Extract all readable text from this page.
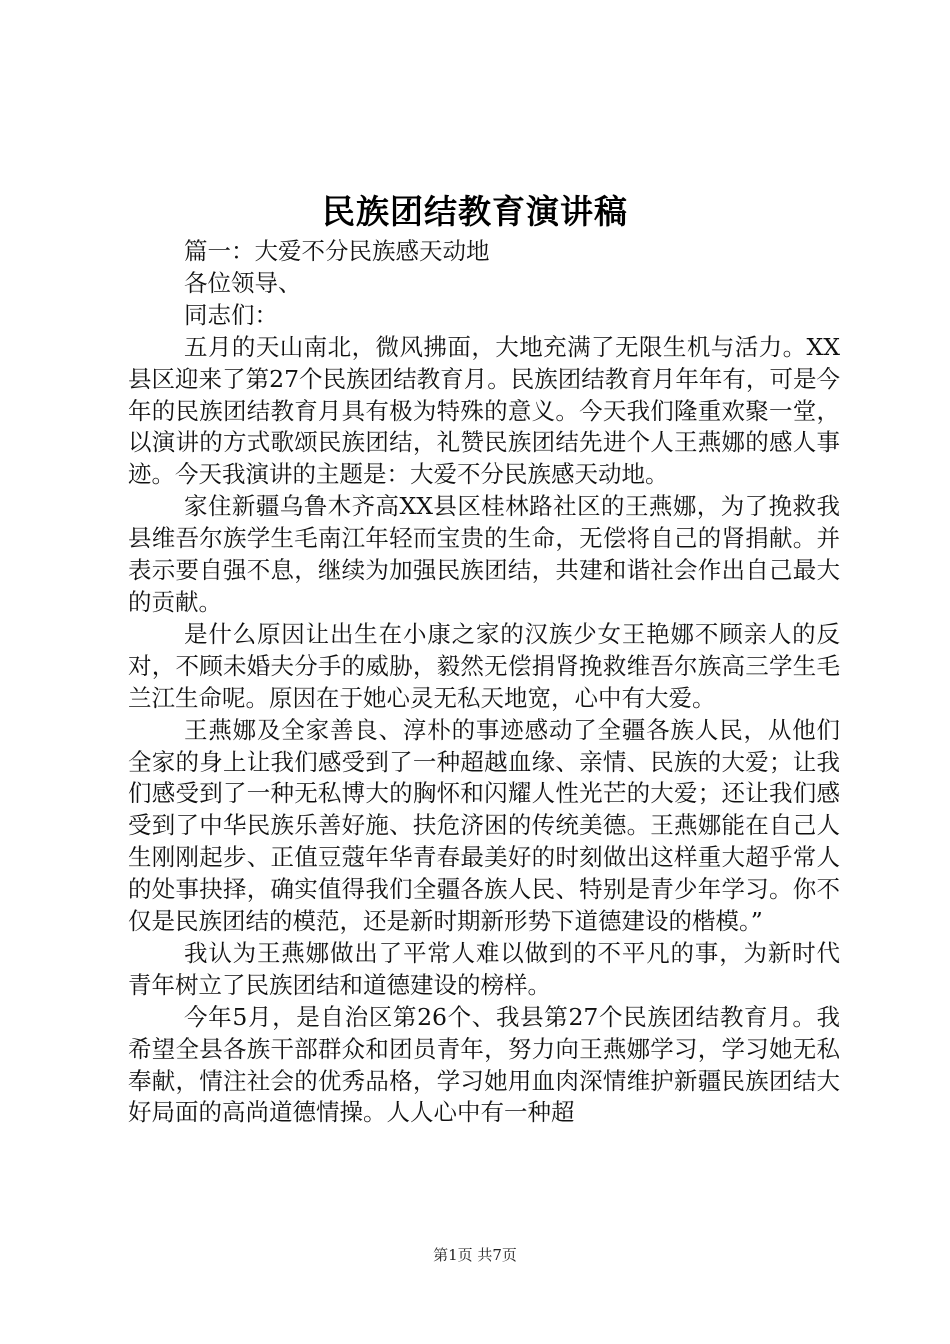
民族团结教育演讲稿

篇一：大爱不分民族感天动地

各位领导、

同志们：

五月的天山南北，微风拂面，大地充满了无限生机与活力。XX县区迎来了第27个民族团结教育月。民族团结教育月年年有，可是今年的民族团结教育月具有极为特殊的意义。今天我们隆重欢聚一堂，以演讲的方式歌颂民族团结，礼赞民族团结先进个人王燕娜的感人事迹。今天我演讲的主题是：大爱不分民族感天动地。

家住新疆乌鲁木齐高XX县区桂林路社区的王燕娜，为了挽救我县维吾尔族学生毛南江年轻而宝贵的生命，无偿将自己的肾捐献。并表示要自强不息，继续为加强民族团结，共建和谐社会作出自己最大的贡献。

是什么原因让出生在小康之家的汉族少女王艳娜不顾亲人的反对，不顾未婚夫分手的威胁，毅然无偿捐肾挽救维吾尔族高三学生毛兰江生命呢。原因在于她心灵无私天地宽，心中有大爱。

王燕娜及全家善良、淳朴的事迹感动了全疆各族人民，从他们全家的身上让我们感受到了一种超越血缘、亲情、民族的大爱；让我们感受到了一种无私博大的胸怀和闪耀人性光芒的大爱；还让我们感受到了中华民族乐善好施、扶危济困的传统美德。王燕娜能在自己人生刚刚起步、正值豆蔻年华青春最美好的时刻做出这样重大超乎常人的处事抉择，确实值得我们全疆各族人民、特别是青少年学习。你不仅是民族团结的模范，还是新时期新形势下道德建设的楷模。”

我认为王燕娜做出了平常人难以做到的不平凡的事，为新时代青年树立了民族团结和道德建设的榜样。

今年5月，是自治区第26个、我县第27个民族团结教育月。我希望全县各族干部群众和团员青年，努力向王燕娜学习，学习她无私奉献，情注社会的优秀品格，学习她用血肉深情维护新疆民族团结大好局面的高尚道德情操。人人心中有一种超

第1页 共7页
